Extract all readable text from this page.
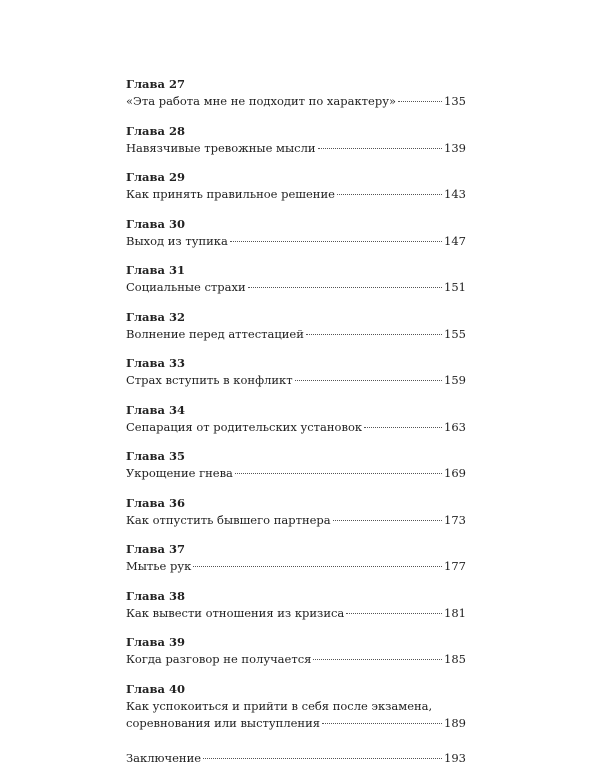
Глава 27
«Эта работа мне не подходит по характеру»	135
Глава 28
Навязчивые тревожные мысли	139
Глава 29
Как принять правильное решение	143
Глава 30
Выход из тупика	147
Глава 31
Социальные страхи	151
Глава 32
Волнение перед аттестацией	155
Глава 33
Страх вступить в конфликт	159
Глава 34
Сепарация от родительских установок	163
Глава 35
Укрощение гнева	169
Глава 36
Как отпустить бывшего партнера	173
Глава 37
Мытье рук	177
Глава 38
Как вывести отношения из кризиса	181
Глава 39
Когда разговор не получается	185
Глава 40
Как успокоиться и прийти в себя после экзамена,
соревнования или выступления	189
Заключение	193
